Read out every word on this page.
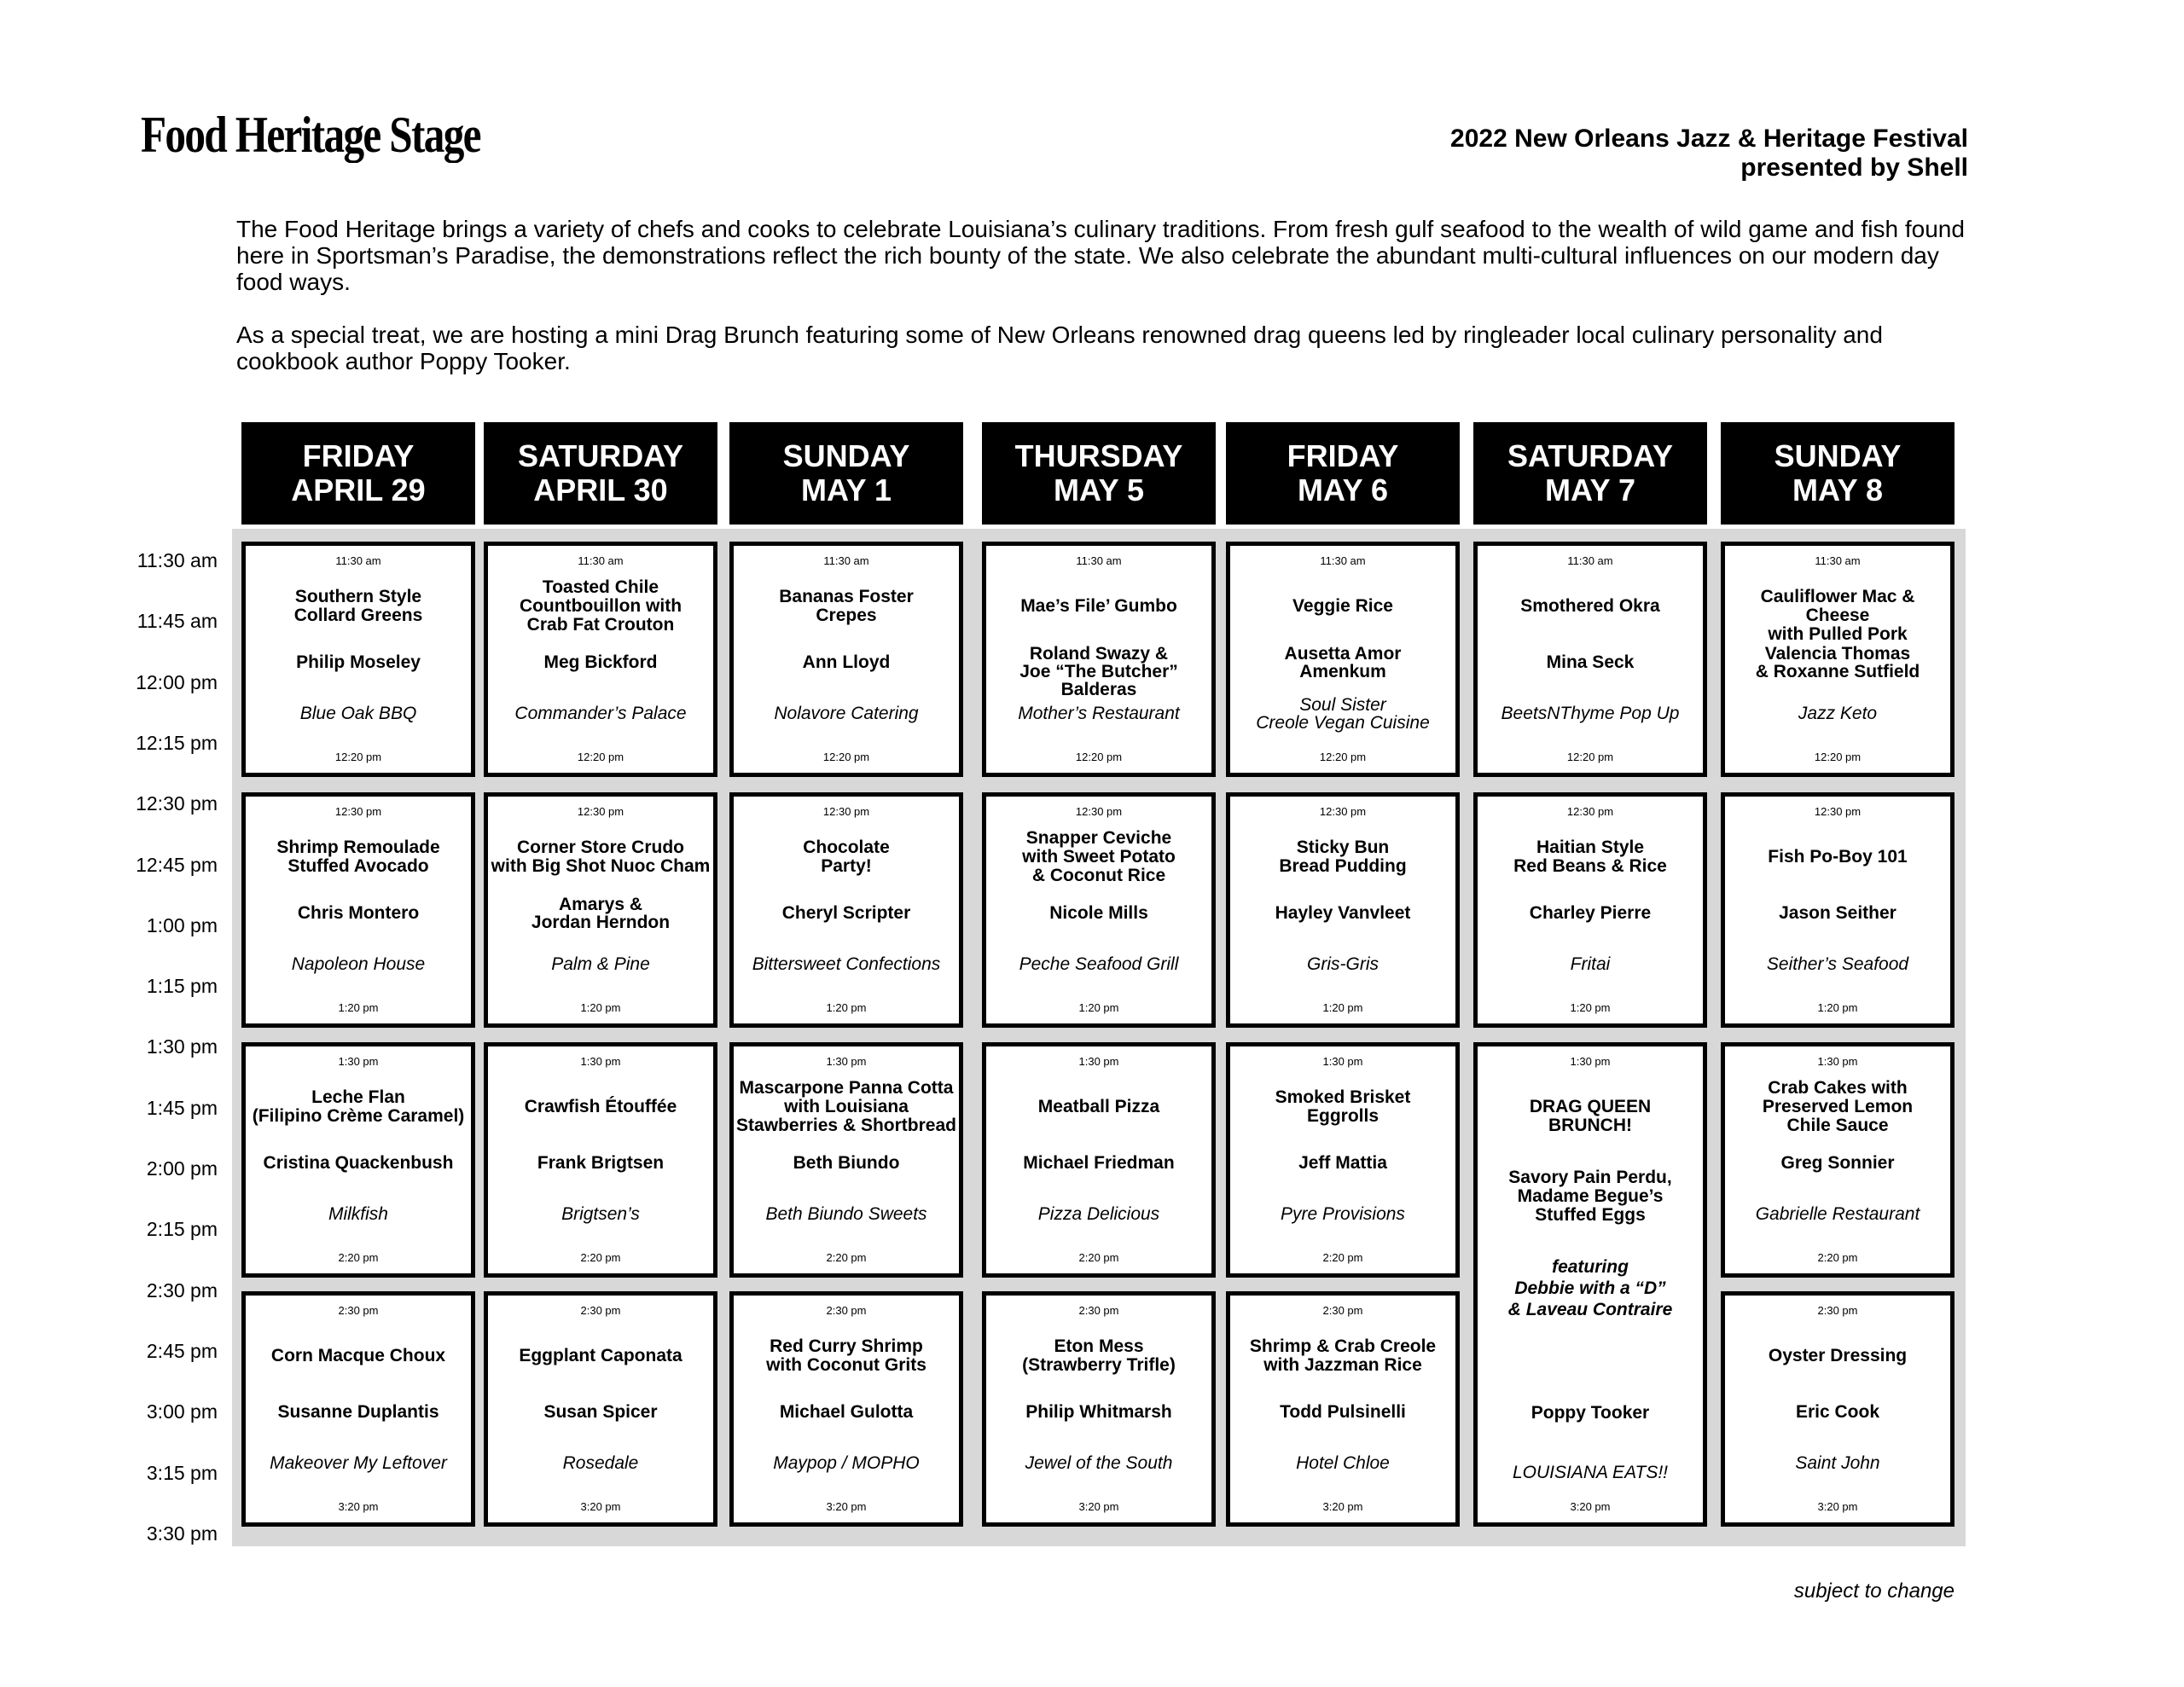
Food Heritage Stage	2022 New Orleans Jazz & Heritage Festival
presented by Shell

The Food Heritage brings a variety of chefs and cooks to celebrate Louisiana’s culinary traditions. From fresh gulf seafood to the wealth of wild game and fish found here in Sportsman’s Paradise, the demonstrations reflect the rich bounty of the state. We also celebrate the abundant multi-cultural influences on our modern day food ways.

As a special treat, we are hosting a mini Drag Brunch featuring some of New Orleans renowned drag queens led by ringleader local culinary personality and cookbook author Poppy Tooker.

11:30 am
11:45 am
12:00 pm
12:15 pm
12:30 pm
12:45 pm
1:00 pm
1:15 pm
1:30 pm
1:45 pm
2:00 pm
2:15 pm
2:30 pm
2:45 pm
3:00 pm
3:15 pm
3:30 pm
FRIDAY
APRIL 29
11:30 am
12:20 pm
Southern Style
Collard Greens
Philip Moseley
Blue Oak BBQ
12:30 pm
1:20 pm
Shrimp Remoulade
Stuffed Avocado
Chris Montero
Napoleon House
1:30 pm
2:20 pm
Leche Flan
(Filipino Crème Caramel)
Cristina Quackenbush
Milkfish
2:30 pm
3:20 pm
Corn Macque Choux
Susanne Duplantis
Makeover My Leftover
SATURDAY
APRIL 30
11:30 am
12:20 pm
Toasted Chile
Countbouillon with
Crab Fat Crouton
Meg Bickford
Commander’s Palace
12:30 pm
1:20 pm
Corner Store Crudo
with Big Shot Nuoc Cham
Amarys &
Jordan Herndon
Palm & Pine
1:30 pm
2:20 pm
Crawfish Étouffée
Frank Brigtsen
Brigtsen’s
2:30 pm
3:20 pm
Eggplant Caponata
Susan Spicer
Rosedale
SUNDAY
MAY 1
11:30 am
12:20 pm
Bananas Foster
Crepes
Ann Lloyd
Nolavore Catering
12:30 pm
1:20 pm
Chocolate
Party!
Cheryl Scripter
Bittersweet Confections
1:30 pm
2:20 pm
Mascarpone Panna Cotta
with Louisiana
Stawberries & Shortbread
Beth Biundo
Beth Biundo Sweets
2:30 pm
3:20 pm
Red Curry Shrimp
with Coconut Grits
Michael Gulotta
Maypop / MOPHO
THURSDAY
MAY 5
11:30 am
12:20 pm
Mae’s File’ Gumbo
Roland Swazy &
Joe “The Butcher” Balderas
Mother’s Restaurant
12:30 pm
1:20 pm
Snapper Ceviche
with Sweet Potato
& Coconut Rice
Nicole Mills
Peche Seafood Grill
1:30 pm
2:20 pm
Meatball Pizza
Michael Friedman
Pizza Delicious
2:30 pm
3:20 pm
Eton Mess
(Strawberry Trifle)
Philip Whitmarsh
Jewel of the South
FRIDAY
MAY 6
11:30 am
12:20 pm
Veggie Rice
Ausetta Amor
Amenkum
Soul Sister
Creole Vegan Cuisine
12:30 pm
1:20 pm
Sticky Bun
Bread Pudding
Hayley Vanvleet
Gris-Gris
1:30 pm
2:20 pm
Smoked Brisket
Eggrolls
Jeff Mattia
Pyre Provisions
2:30 pm
3:20 pm
Shrimp & Crab Creole
with Jazzman Rice
Todd Pulsinelli
Hotel Chloe
SATURDAY
MAY 7
11:30 am
12:20 pm
Smothered Okra
Mina Seck
BeetsNThyme Pop Up
12:30 pm
1:20 pm
Haitian Style
Red Beans & Rice
Charley Pierre
Fritai
1:30 pm
3:20 pm
DRAG QUEEN
BRUNCH!
Savory Pain Perdu,
Madame Begue’s
Stuffed Eggs
featuring
Debbie with a “D”
& Laveau Contraire
Poppy Tooker
LOUISIANA EATS!!
SUNDAY
MAY 8
11:30 am
12:20 pm
Cauliflower Mac & Cheese
with Pulled Pork
Valencia Thomas
& Roxanne Sutfield
Jazz Keto
12:30 pm
1:20 pm
Fish Po-Boy 101
Jason Seither
Seither’s Seafood
1:30 pm
2:20 pm
Crab Cakes with
Preserved Lemon
Chile Sauce
Greg Sonnier
Gabrielle Restaurant
2:30 pm
3:20 pm
Oyster Dressing
Eric Cook
Saint John
subject to change
